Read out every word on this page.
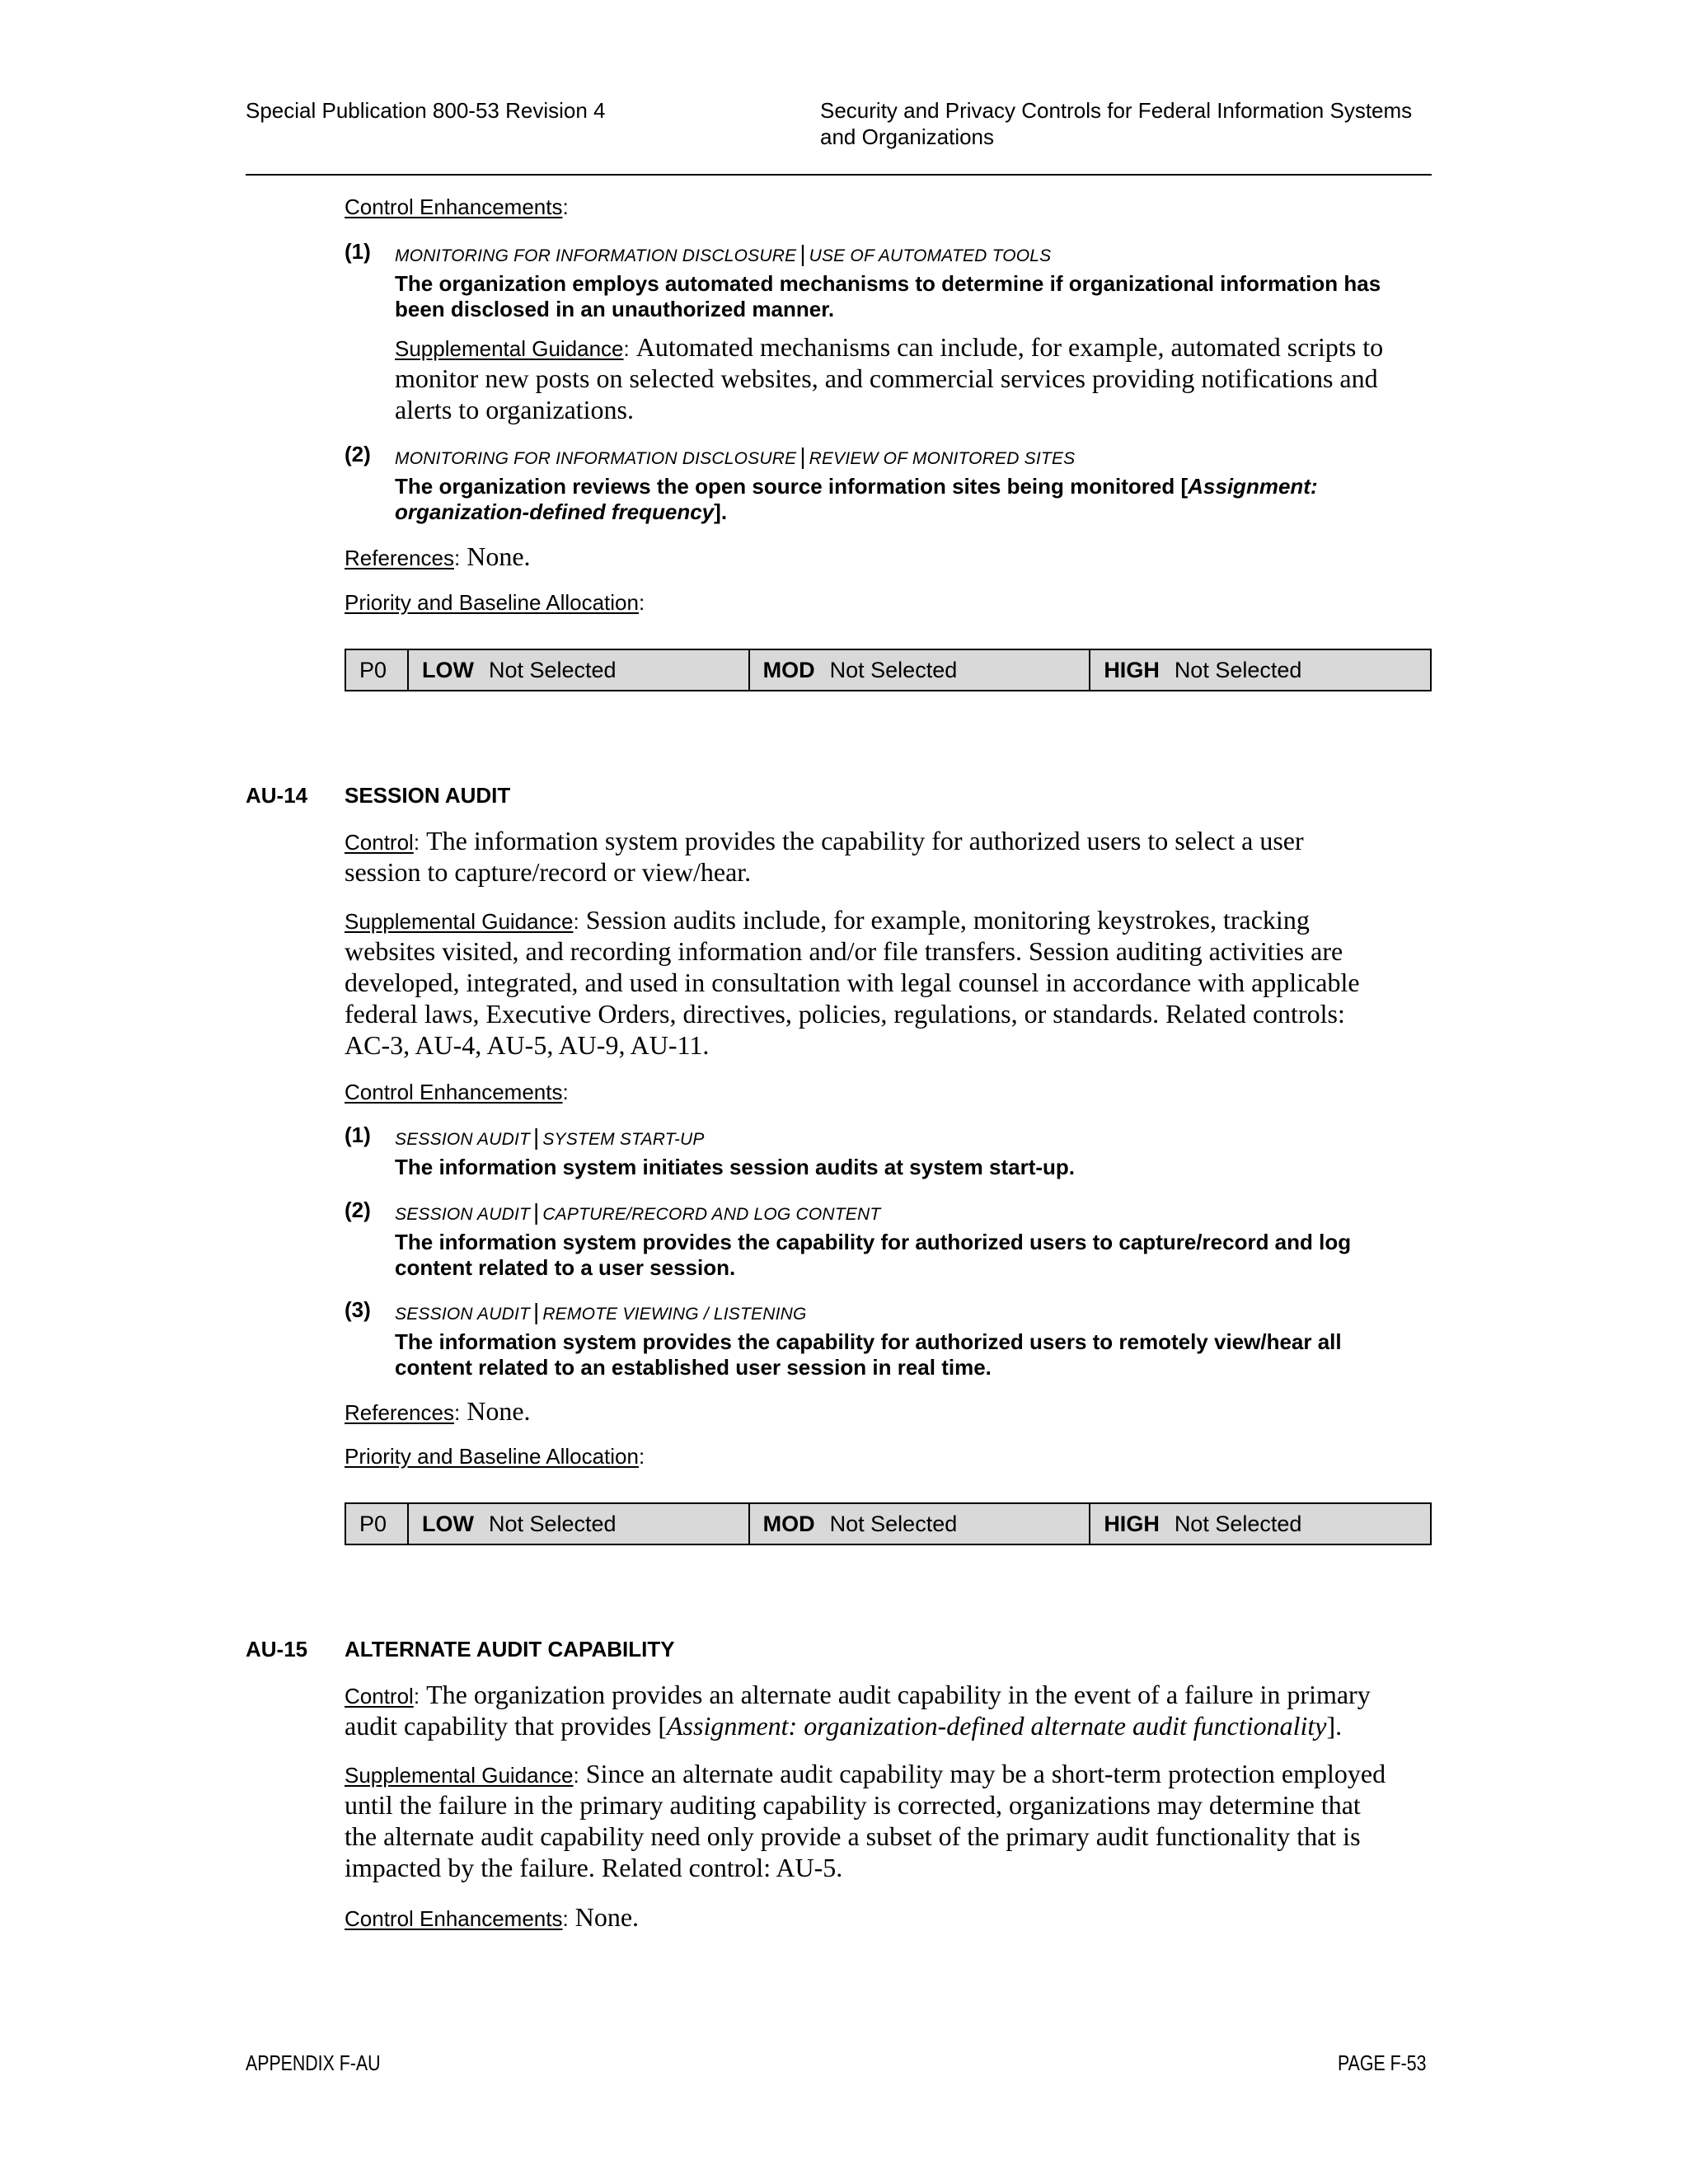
Special Publication 800-53 Revision 4	Security and Privacy Controls for Federal Information Systems
and Organizations
Control Enhancements:
(1) MONITORING FOR INFORMATION DISCLOSURE | USE OF AUTOMATED TOOLS
The organization employs automated mechanisms to determine if organizational information has
been disclosed in an unauthorized manner.
Supplemental Guidance: Automated mechanisms can include, for example, automated scripts to
monitor new posts on selected websites, and commercial services providing notifications and
alerts to organizations.
(2) MONITORING FOR INFORMATION DISCLOSURE | REVIEW OF MONITORED SITES
The organization reviews the open source information sites being monitored [Assignment:
organization-defined frequency].
References: None.
Priority and Baseline Allocation:
P0	LOW Not Selected	MOD Not Selected	HIGH Not Selected
AU-14 SESSION AUDIT
Control: The information system provides the capability for authorized users to select a user
session to capture/record or view/hear.
Supplemental Guidance: Session audits include, for example, monitoring keystrokes, tracking
websites visited, and recording information and/or file transfers. Session auditing activities are
developed, integrated, and used in consultation with legal counsel in accordance with applicable
federal laws, Executive Orders, directives, policies, regulations, or standards. Related controls:
AC-3, AU-4, AU-5, AU-9, AU-11.
Control Enhancements:
(1) SESSION AUDIT | SYSTEM START-UP
The information system initiates session audits at system start-up.
(2) SESSION AUDIT | CAPTURE/RECORD AND LOG CONTENT
The information system provides the capability for authorized users to capture/record and log
content related to a user session.
(3) SESSION AUDIT | REMOTE VIEWING / LISTENING
The information system provides the capability for authorized users to remotely view/hear all
content related to an established user session in real time.
References: None.
Priority and Baseline Allocation:
P0	LOW Not Selected	MOD Not Selected	HIGH Not Selected
AU-15 ALTERNATE AUDIT CAPABILITY
Control: The organization provides an alternate audit capability in the event of a failure in primary
audit capability that provides [Assignment: organization-defined alternate audit functionality].
Supplemental Guidance: Since an alternate audit capability may be a short-term protection employed
until the failure in the primary auditing capability is corrected, organizations may determine that
the alternate audit capability need only provide a subset of the primary audit functionality that is
impacted by the failure. Related control: AU-5.
Control Enhancements: None.
APPENDIX F-AU	PAGE F-53
